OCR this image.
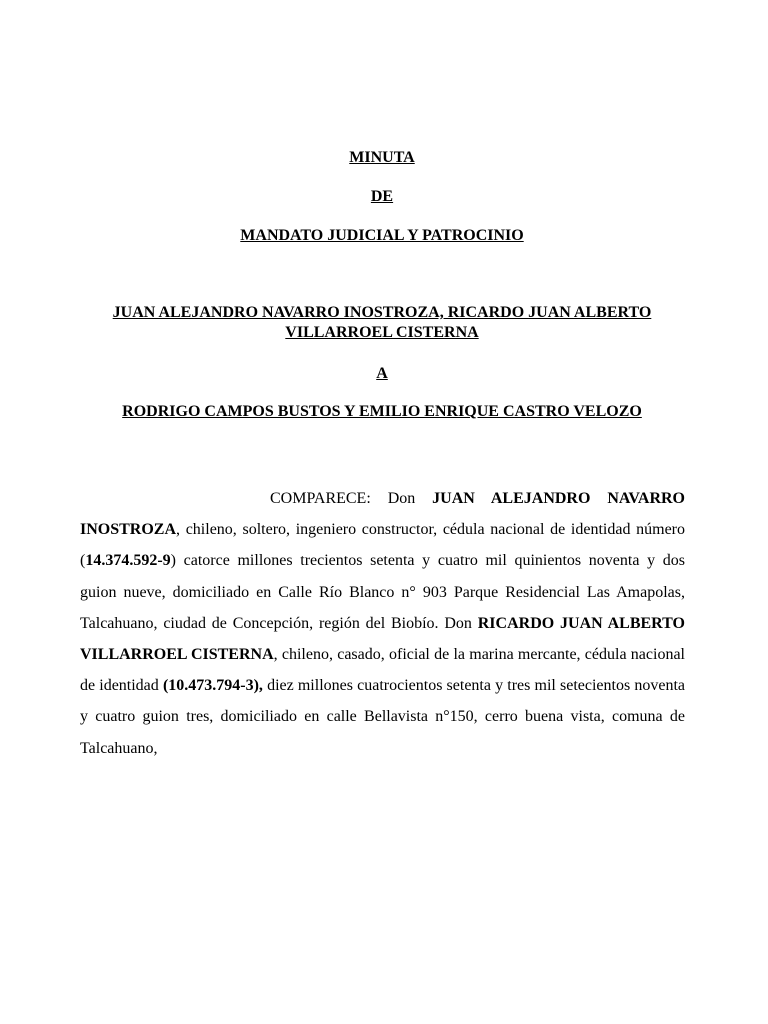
MINUTA

DE

MANDATO JUDICIAL Y PATROCINIO

JUAN ALEJANDRO NAVARRO INOSTROZA, RICARDO JUAN ALBERTO VILLARROEL CISTERNA

A

RODRIGO CAMPOS BUSTOS Y EMILIO ENRIQUE CASTRO VELOZO

COMPARECE: Don JUAN ALEJANDRO NAVARRO INOSTROZA, chileno, soltero, ingeniero constructor, cédula nacional de identidad número (14.374.592-9) catorce millones trecientos setenta y cuatro mil quinientos noventa y dos guion nueve, domiciliado en Calle Río Blanco n° 903 Parque Residencial Las Amapolas, Talcahuano, ciudad de Concepción, región del Biobío. Don RICARDO JUAN ALBERTO VILLARROEL CISTERNA, chileno, casado, oficial de la marina mercante, cédula nacional de identidad (10.473.794-3), diez millones cuatrocientos setenta y tres mil setecientos noventa y cuatro guion tres, domiciliado en calle Bellavista n°150, cerro buena vista, comuna de Talcahuano,
